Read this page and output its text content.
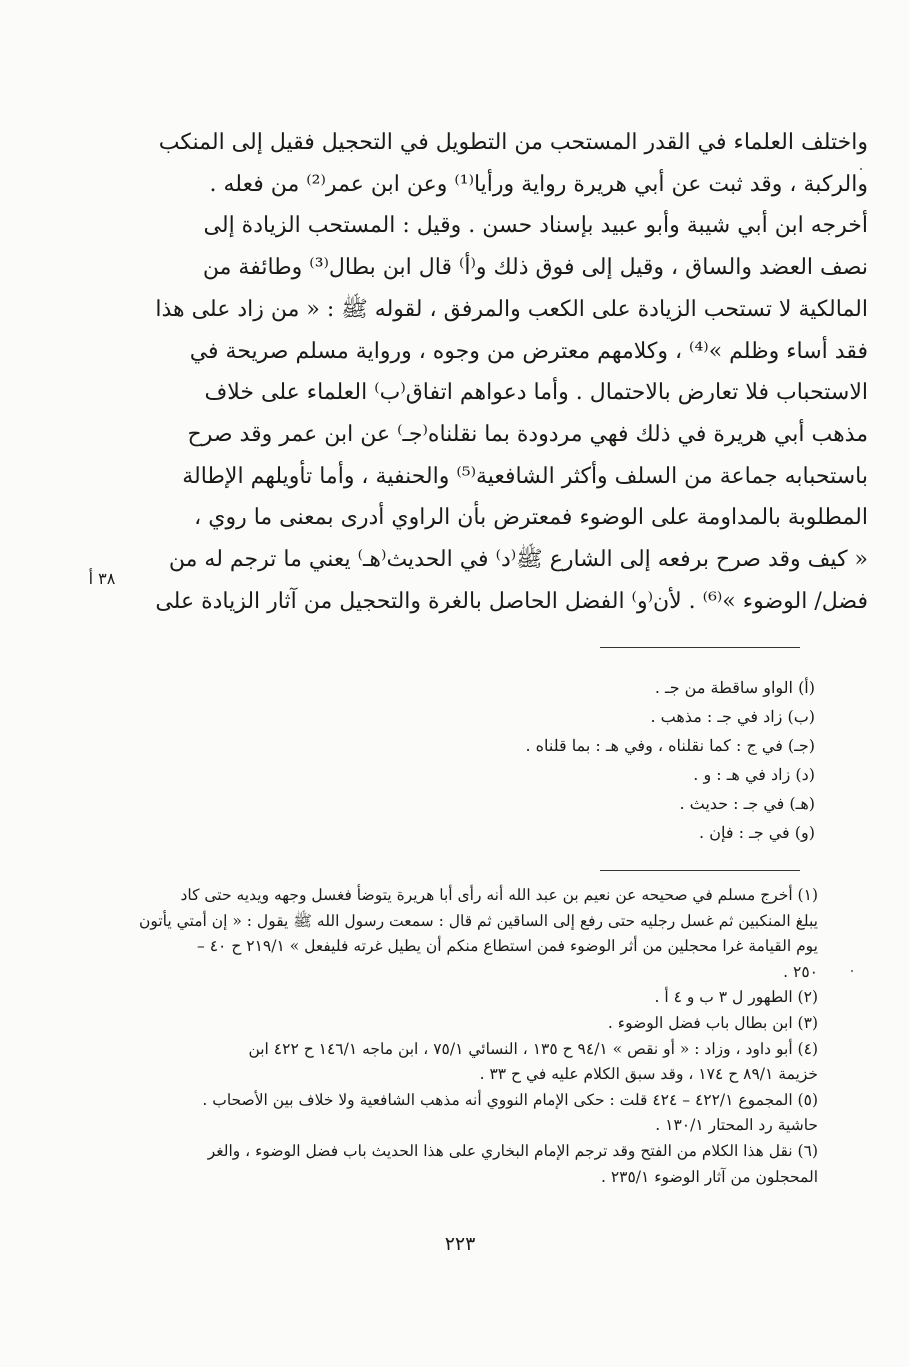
واختلف العلماء في القدر المستحب من التطويل في التحجيل فقيل إلى المنكب
والركبة ، وقد ثبت عن أبي هريرة رواية ورأيا⁽¹⁾ وعن ابن عمر⁽²⁾ من فعله .
أخرجه ابن أبي شيبة وأبو عبيد بإسناد حسن . وقيل : المستحب الزيادة إلى
نصف العضد والساق ، وقيل إلى فوق ذلك و⁽أ⁾ قال ابن بطال⁽³⁾ وطائفة من
المالكية لا تستحب الزيادة على الكعب والمرفق ، لقوله ﷺ : « من زاد على هذا
فقد أساء وظلم »⁽⁴⁾ ، وكلامهم معترض من وجوه ، ورواية مسلم صريحة في
الاستحباب فلا تعارض بالاحتمال . وأما دعواهم اتفاق⁽ب⁾ العلماء على خلاف
مذهب أبي هريرة في ذلك فهي مردودة بما نقلناه⁽جـ⁾ عن ابن عمر وقد صرح
باستحبابه جماعة من السلف وأكثر الشافعية⁽⁵⁾ والحنفية ، وأما تأويلهم الإطالة
المطلوبة بالمداومة على الوضوء فمعترض بأن الراوي أدرى بمعنى ما روي ،
« كيف وقد صرح برفعه إلى الشارع ﷺ⁽د⁾ في الحديث⁽هـ⁾ يعني ما ترجم له من
فضل/ الوضوء »⁽⁶⁾ . لأن⁽و⁾ الفضل الحاصل بالغرة والتحجيل من آثار الزيادة على
٣٨ أ
(أ) الواو ساقطة من جـ .
(ب) زاد في جـ : مذهب .
(جـ) في ج : كما نقلناه ، وفي هـ : بما قلناه .
(د) زاد في هـ : و .
(هـ) في جـ : حديث .
(و) في جـ : فإن .
(١) أخرج مسلم في صحيحه عن نعيم بن عبد الله أنه رأى أبا هريرة يتوضأ فغسل وجهه ويديه حتى كاد
يبلغ المنكبين ثم غسل رجليه حتى رفع إلى الساقين ثم قال : سمعت رسول الله ﷺ يقول : « إن أمتي يأتون
يوم القيامة غرا محجلين من أثر الوضوء فمن استطاع منكم أن يطيل غرته فليفعل » ٢١٩/١ ح ٤٠ –
٢٥٠ .
(٢) الطهور ل ٣ ب و ٤ أ .
(٣) ابن بطال باب فضل الوضوء .
(٤) أبو داود ، وزاد : « أو نقص » ٩٤/١ ح ١٣٥ ، النسائي ٧٥/١ ، ابن ماجه ١٤٦/١ ح ٤٢٢ ابن
خزيمة ٨٩/١ ح ١٧٤ ، وقد سبق الكلام عليه في ح ٣٣ .
(٥) المجموع ٤٢٢/١ – ٤٢٤ قلت : حكى الإمام النووي أنه مذهب الشافعية ولا خلاف بين الأصحاب .
حاشية رد المحتار ١٣٠/١ .
(٦) نقل هذا الكلام من الفتح وقد ترجم الإمام البخاري على هذا الحديث باب فضل الوضوء ، والغر
المحجلون من آثار الوضوء ٢٣٥/١ .
٢٢٣
